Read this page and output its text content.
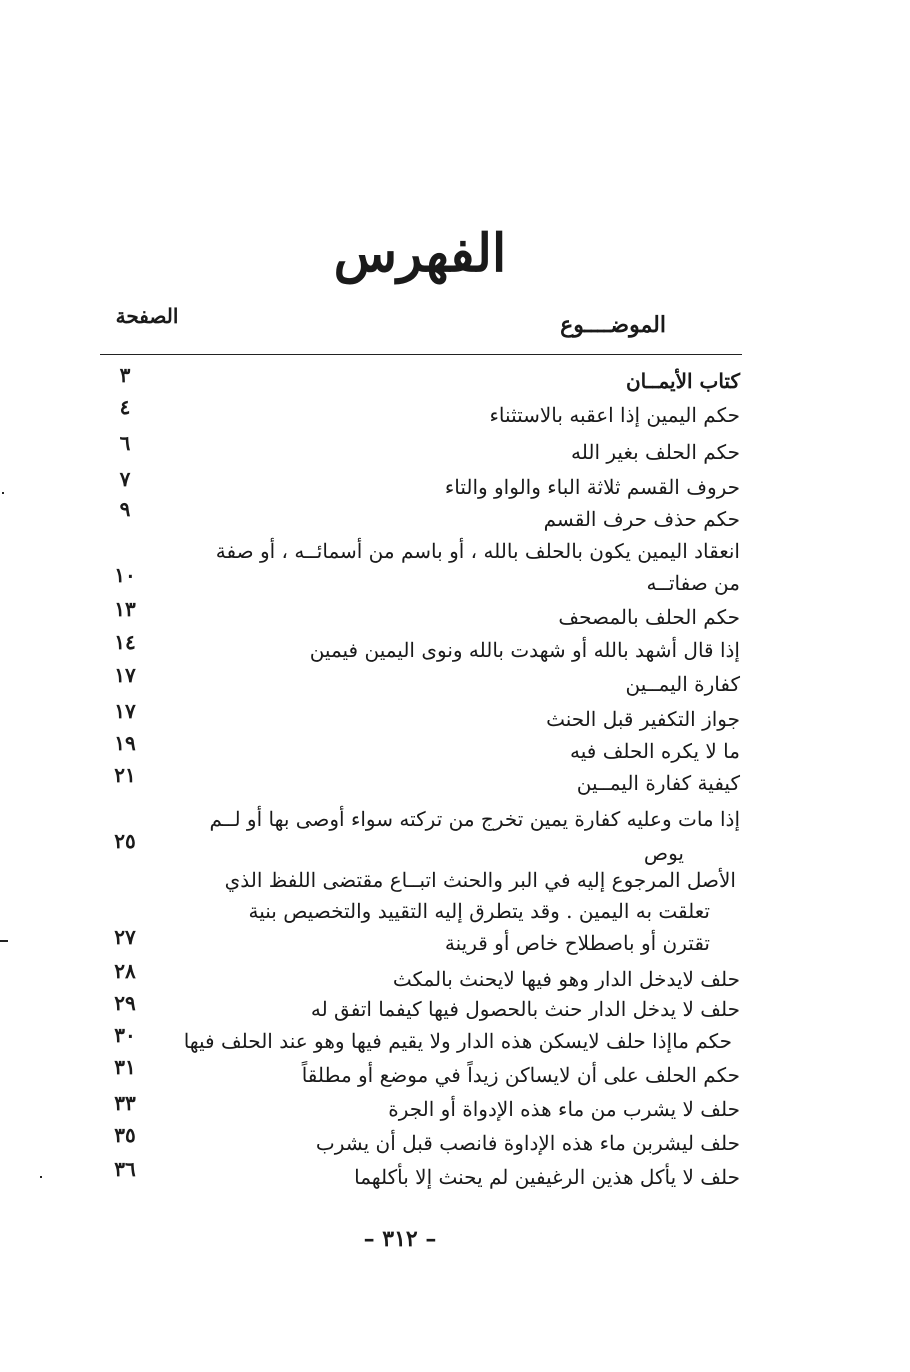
الفهرس
الموضــــوع
الصفحة
كتاب الأيمــان
٣
حكم اليمين إذا اعقبه بالاستثناء
٤
حكم الحلف بغير الله
٦
حروف القسم ثلاثة الباء والواو والتاء
٧
حكم حذف حرف القسم
٩
انعقاد اليمين يكون بالحلف بالله ، أو باسم من أسمائــه ، أو صفة
١٠	من صفاتــه
حكم الحلف بالمصحف
١٣
إذا قال أشهد بالله أو شهدت بالله ونوى اليمين فيمين
١٤
كفارة اليمــين
١٧
جواز التكفير قبل الحنث
١٧
ما لا يكره الحلف فيه
١٩
كيفية كفارة اليمــين
٢١
إذا مات وعليه كفارة يمين تخرج من تركته سواء أوصى بها أو لــم
٢٥	يوص
الأصل المرجوع إليه في البر والحنث اتبــاع مقتضى اللفظ الذي
تعلقت به اليمين . وقد يتطرق إليه التقييد والتخصيص بنية
تقترن أو باصطلاح خاص أو قرينة
٢٧
حلف لايدخل الدار وهو فيها لايحنث بالمكث
٢٨
حلف لا يدخل الدار حنث بالحصول فيها كيفما اتفق له
٢٩
حكم ماإذا حلف لايسكن هذه الدار ولا يقيم فيها وهو عند الحلف فيها
٣٠
حكم الحلف على أن لايساكن زيداً في موضع أو مطلقاً
٣١
حلف لا يشرب من ماء هذه الإدواة أو الجرة
٣٣
حلف ليشربن ماء هذه الإداوة فانصب قبل أن يشرب
٣٥
حلف لا يأكل هذين الرغيفين لم يحنث إلا بأكلهما
٣٦
– ٣١٢ –
